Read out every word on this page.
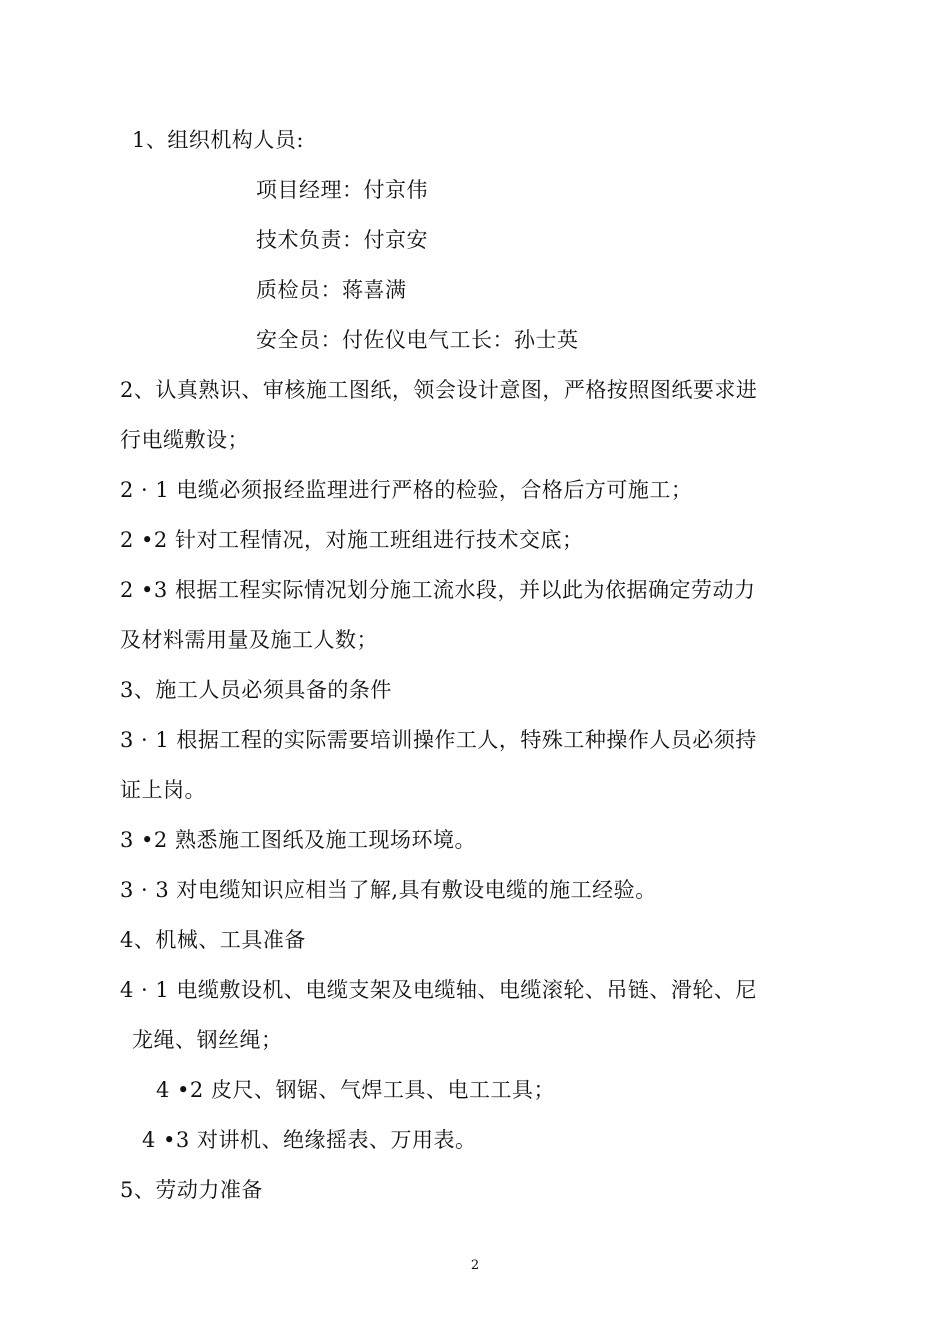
1、组织机构人员:
项目经理：付京伟
技术负责：付京安
质检员：蒋喜满
安全员：付佐仪电气工长：孙士英
2、认真熟识、审核施工图纸，领会设计意图，严格按照图纸要求进
行电缆敷设；
2 · 1 电缆必须报经监理进行严格的检验，合格后方可施工；
2 •2 针对工程情况，对施工班组进行技术交底；
2 •3 根据工程实际情况划分施工流水段，并以此为依据确定劳动力
及材料需用量及施工人数；
3、施工人员必须具备的条件
3 · 1 根据工程的实际需要培训操作工人，特殊工种操作人员必须持
证上岗。
3 •2 熟悉施工图纸及施工现场环境。
3 · 3 对电缆知识应相当了解,具有敷设电缆的施工经验。
4、机械、工具准备
4 · 1 电缆敷设机、电缆支架及电缆轴、电缆滚轮、吊链、滑轮、尼
龙绳、钢丝绳；
4 •2 皮尺、钢锯、气焊工具、电工工具；
4 •3 对讲机、绝缘摇表、万用表。
5、劳动力准备
2
